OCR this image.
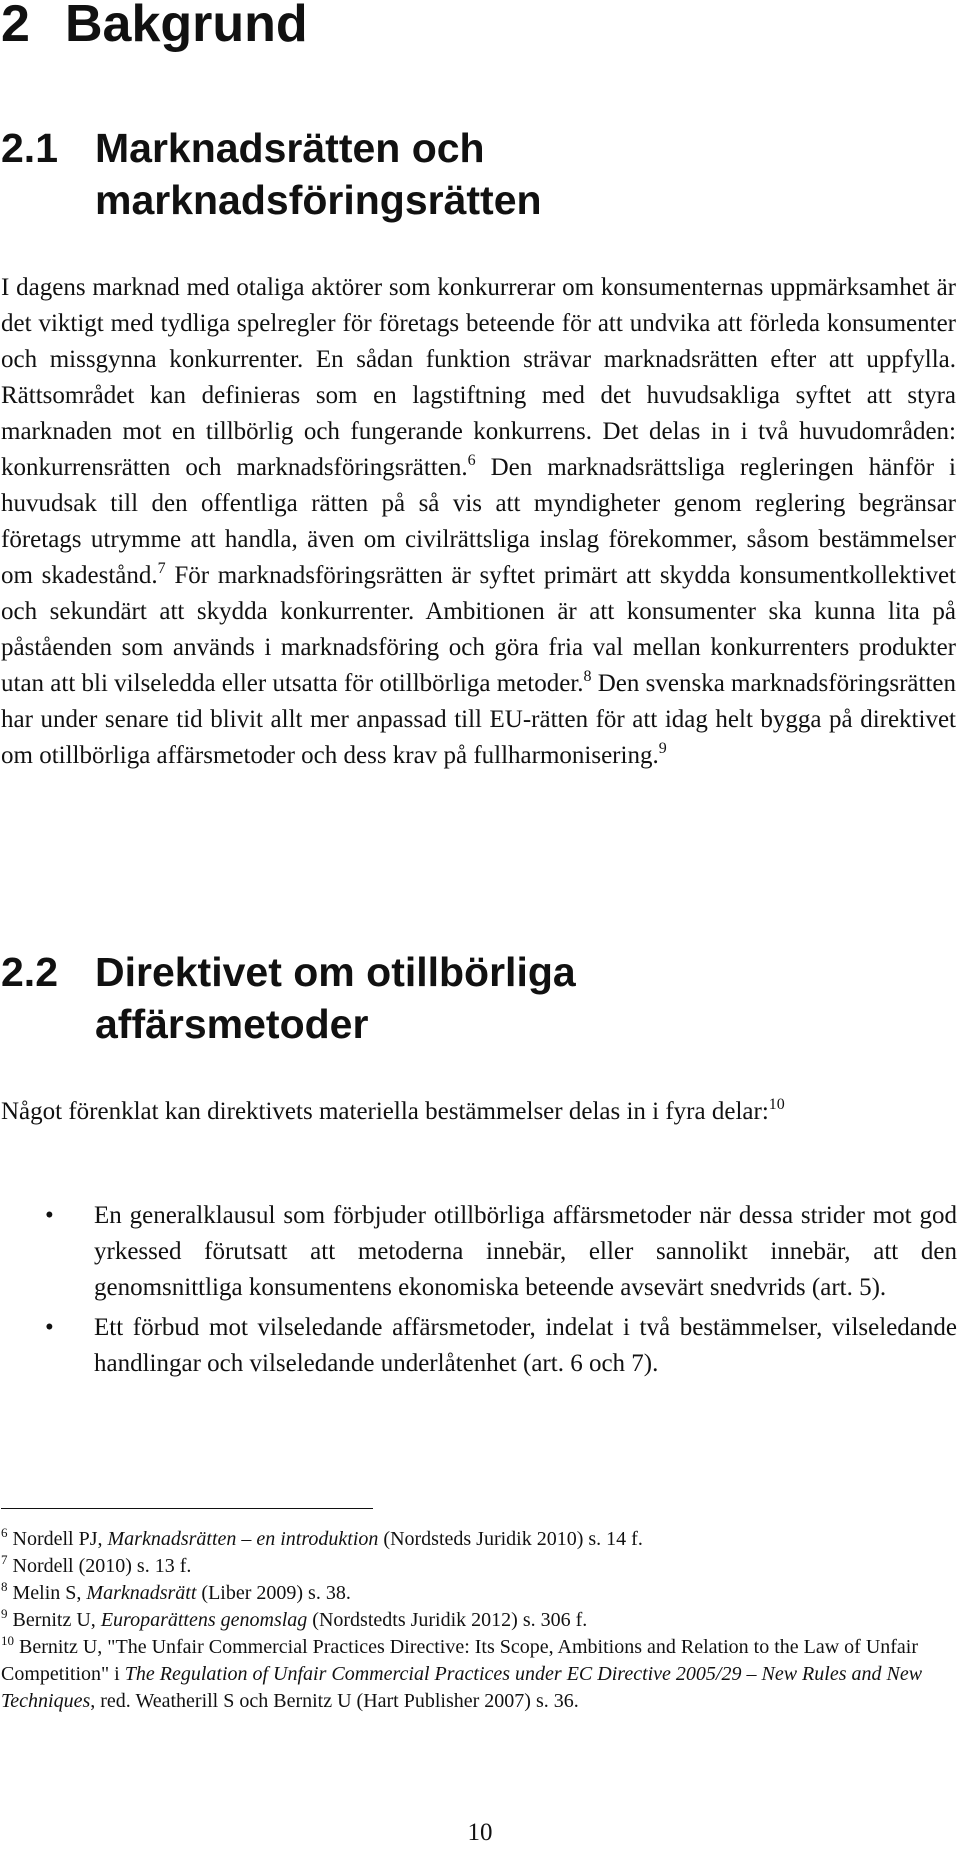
2 Bakgrund
2.1 Marknadsrätten och marknadsföringsrätten

I dagens marknad med otaliga aktörer som konkurrerar om konsumenternas uppmärksamhet är det viktigt med tydliga spelregler för företags beteende för att undvika att förleda konsumenter och missgynna konkurrenter. En sådan funktion strävar marknadsrätten efter att uppfylla. Rättsområdet kan definieras som en lagstiftning med det huvudsakliga syftet att styra marknaden mot en tillbörlig och fungerande konkurrens. Det delas in i två huvudområden: konkurrensrätten och marknadsföringsrätten.$^6$ Den marknadsrättsliga regleringen hänför i huvudsak till den offentliga rätten på så vis att myndigheter genom reglering begränsar företags utrymme att handla, även om civilrättsliga inslag förekommer, såsom bestämmelser om skadestånd.$^7$ För marknadsföringsrätten är syftet primärt att skydda konsumentkollektivet och sekundärt att skydda konkurrenter. Ambitionen är att konsumenter ska kunna lita på påståenden som används i marknadsföring och göra fria val mellan konkurrenters produkter utan att bli vilseledda eller utsatta för otillbörliga metoder.$^8$ Den svenska marknadsföringsrätten har under senare tid blivit allt mer anpassad till EU-rätten för att idag helt bygga på direktivet om otillbörliga affärsmetoder och dess krav på fullharmonisering.$^9$

2.2 Direktivet om otillbörliga affärsmetoder

Något förenklat kan direktivets materiella bestämmelser delas in i fyra delar:$^{10}$

• En generalklausul som förbjuder otillbörliga affärsmetoder när dessa strider mot god yrkessed förutsatt att metoderna innebär, eller sannolikt innebär, att den genomsnittliga konsumentens ekonomiska beteende avsevärt snedvrids (art. 5).
• Ett förbud mot vilseledande affärsmetoder, indelat i två bestämmelser, vilseledande handlingar och vilseledande underlåtenhet (art. 6 och 7).
$^6$ Nordell PJ, Marknadsrätten – en introduktion (Nordsteds Juridik 2010) s. 14 f.
$^7$ Nordell (2010) s. 13 f.
$^8$ Melin S, Marknadsrätt (Liber 2009) s. 38.
$^9$ Bernitz U, Europarättens genomslag (Nordstedts Juridik 2012) s. 306 f.
$^{10}$ Bernitz U, "The Unfair Commercial Practices Directive: Its Scope, Ambitions and Relation to the Law of Unfair Competition" i The Regulation of Unfair Commercial Practices under EC Directive 2005/29 – New Rules and New Techniques, red. Weatherill S och Bernitz U (Hart Publisher 2007) s. 36.
10
